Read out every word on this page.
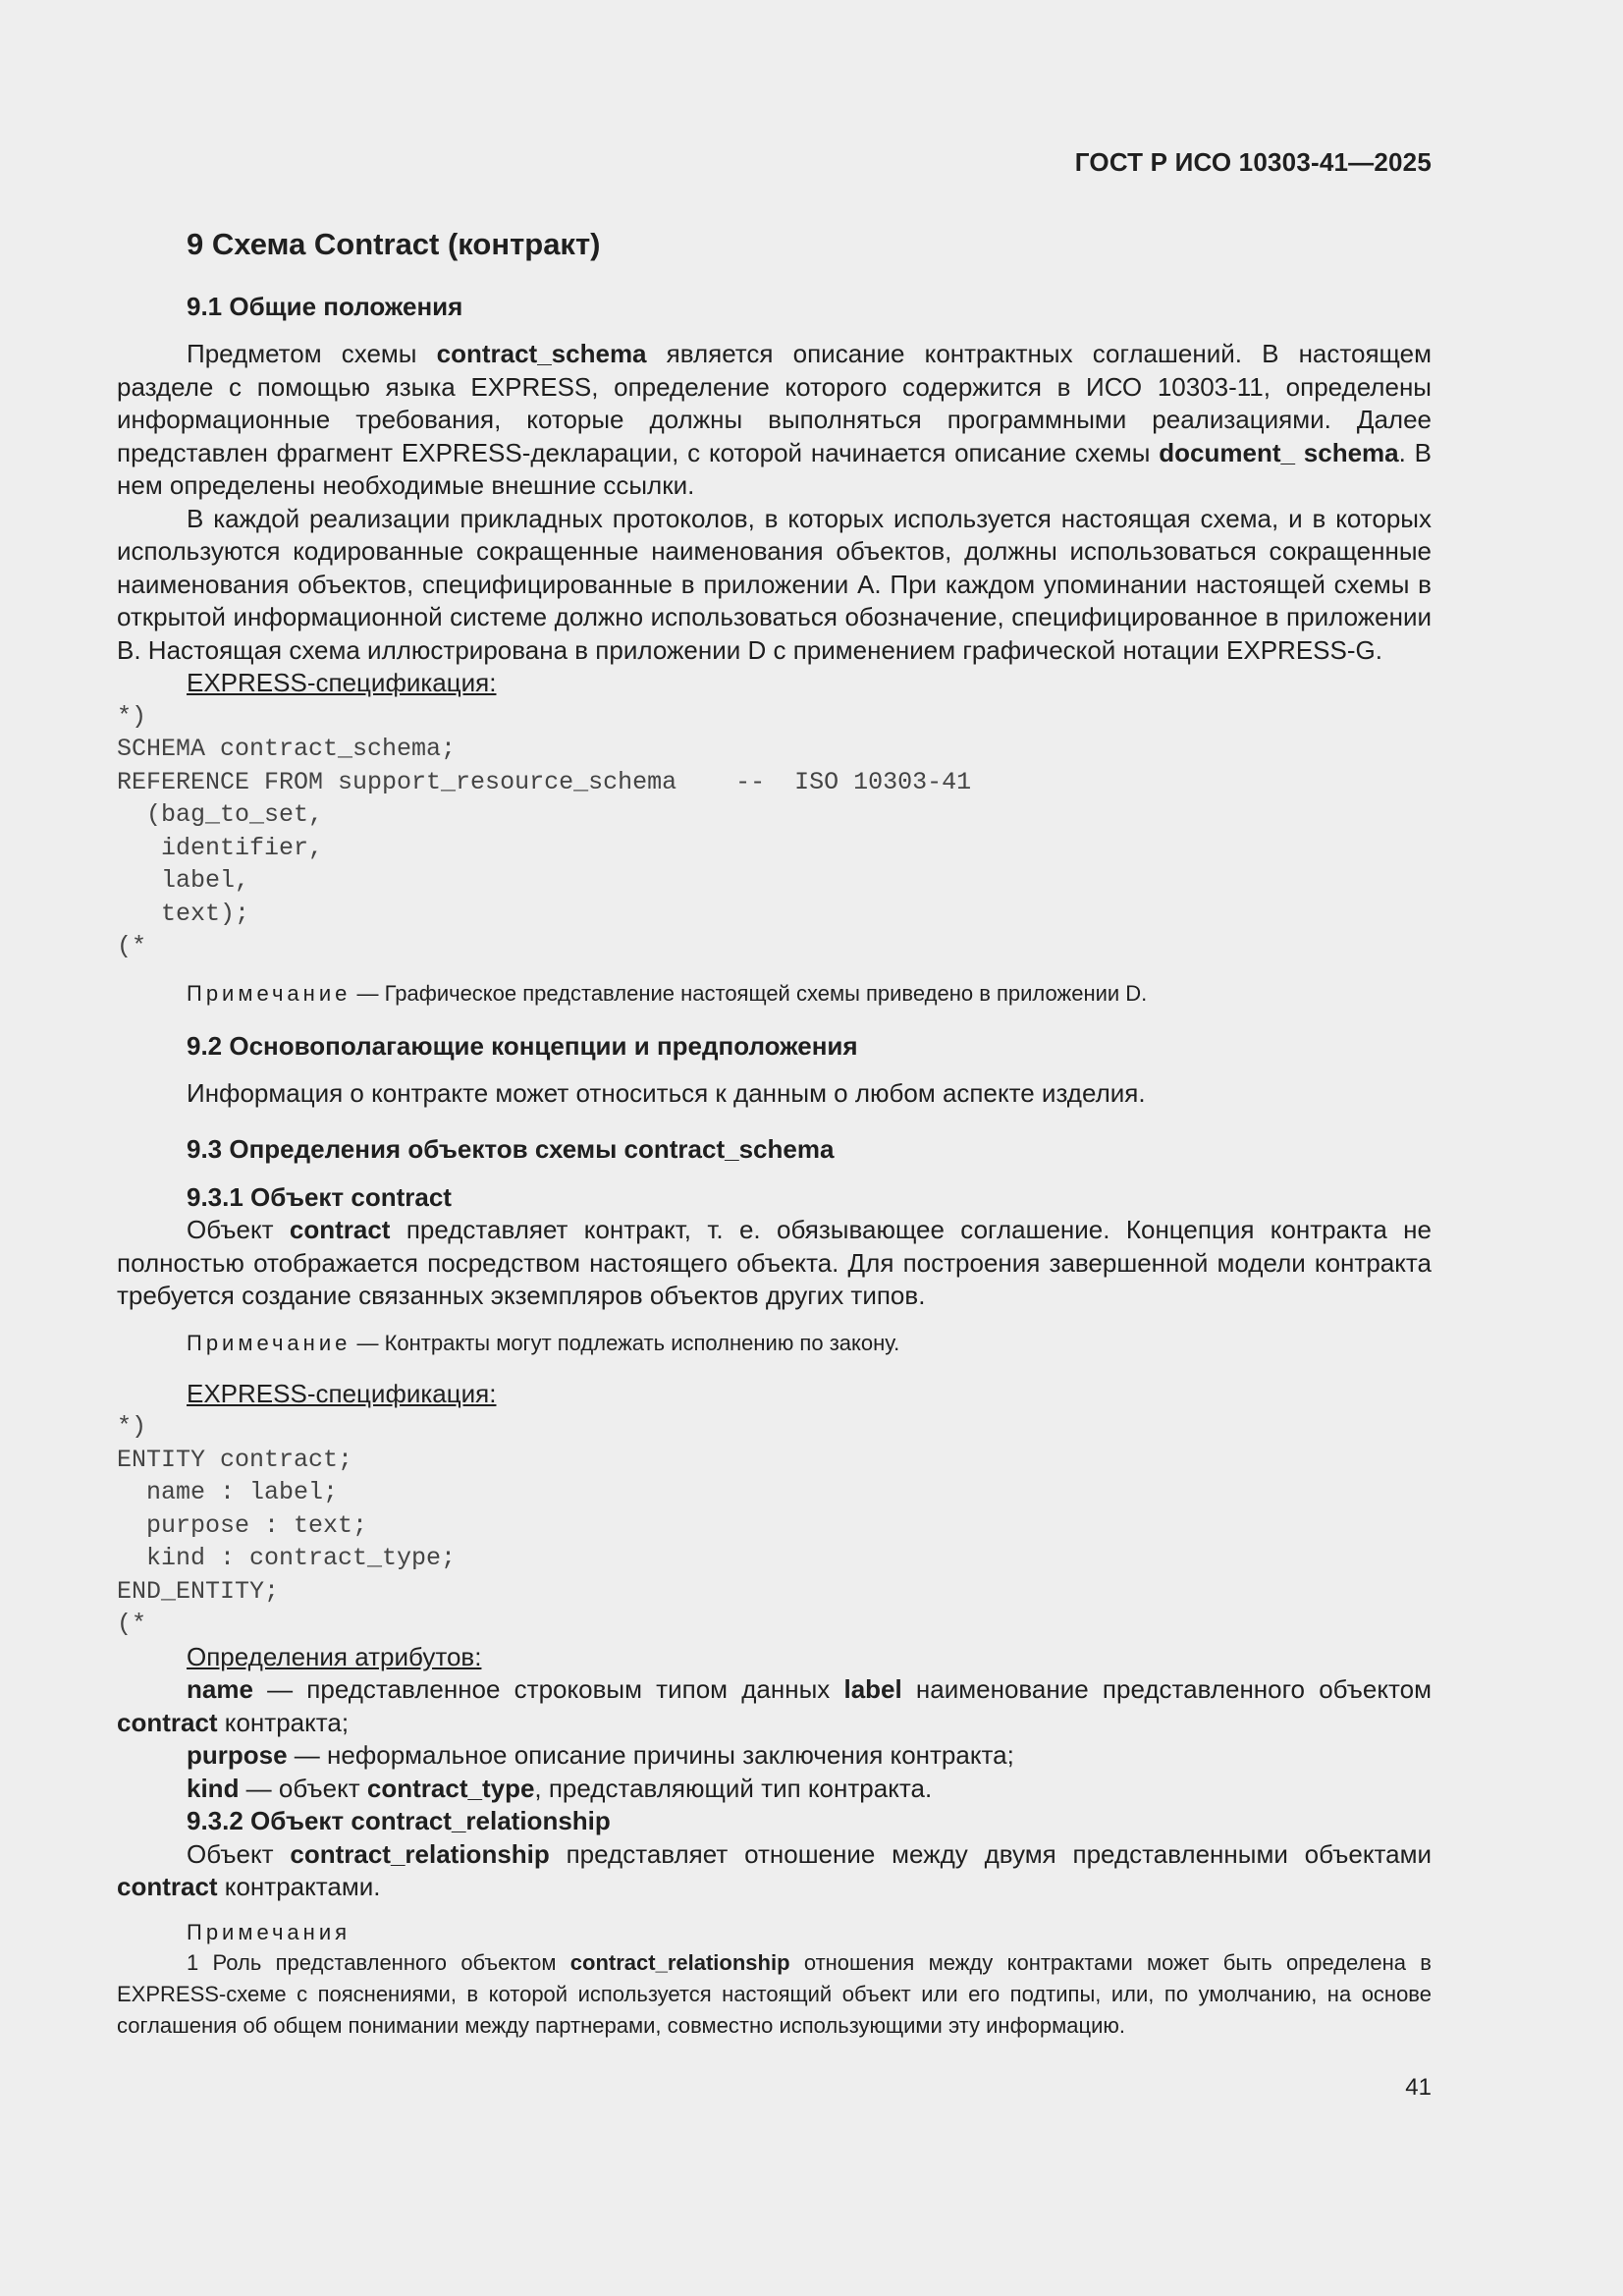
ГОСТ Р ИСО 10303-41—2025
9 Схема Contract (контракт)
9.1 Общие положения

Предметом схемы contract_schema является описание контрактных соглашений. В настоящем разделе с помощью языка EXPRESS, определение которого содержится в ИСО 10303-11, определены информационные требования, которые должны выполняться программными реализациями. Далее представлен фрагмент EXPRESS-декларации, с которой начинается описание схемы document_ schema. В нем определены необходимые внешние ссылки.

В каждой реализации прикладных протоколов, в которых используется настоящая схема, и в которых используются кодированные сокращенные наименования объектов, должны использоваться сокращенные наименования объектов, специфицированные в приложении A. При каждом упоминании настоящей схемы в открытой информационной системе должно использоваться обозначение, специфицированное в приложении B. Настоящая схема иллюстрирована в приложении D с применением графической нотации EXPRESS-G.

EXPRESS-спецификация:
*)
SCHEMA contract_schema;
REFERENCE FROM support_resource_schema    --  ISO 10303-41
(bag_to_set,
identifier,
label,
text);
(*

Примечание — Графическое представление настоящей схемы приведено в приложении D.

9.2 Основополагающие концепции и предположения

Информация о контракте может относиться к данным о любом аспекте изделия.

9.3 Определения объектов схемы contract_schema
9.3.1 Объект contract

Объект contract представляет контракт, т. е. обязывающее соглашение. Концепция контракта не полностью отображается посредством настоящего объекта. Для построения завершенной модели контракта требуется создание связанных экземпляров объектов других типов.

Примечание — Контракты могут подлежать исполнению по закону.

EXPRESS-спецификация:
*)
ENTITY contract;
name : label;
purpose : text;
kind : contract_type;
END_ENTITY;
(*
Определения атрибутов:

name — представленное строковым типом данных label наименование представленного объектом contract контракта;

purpose — неформальное описание причины заключения контракта;

kind — объект contract_type, представляющий тип контракта.

9.3.2 Объект contract_relationship

Объект contract_relationship представляет отношение между двумя представленными объектами contract контрактами.

Примечания

1 Роль представленного объектом contract_relationship отношения между контрактами может быть определена в EXPRESS-схеме с пояснениями, в которой используется настоящий объект или его подтипы, или, по умолчанию, на основе соглашения об общем понимании между партнерами, совместно использующими эту информацию.

41
